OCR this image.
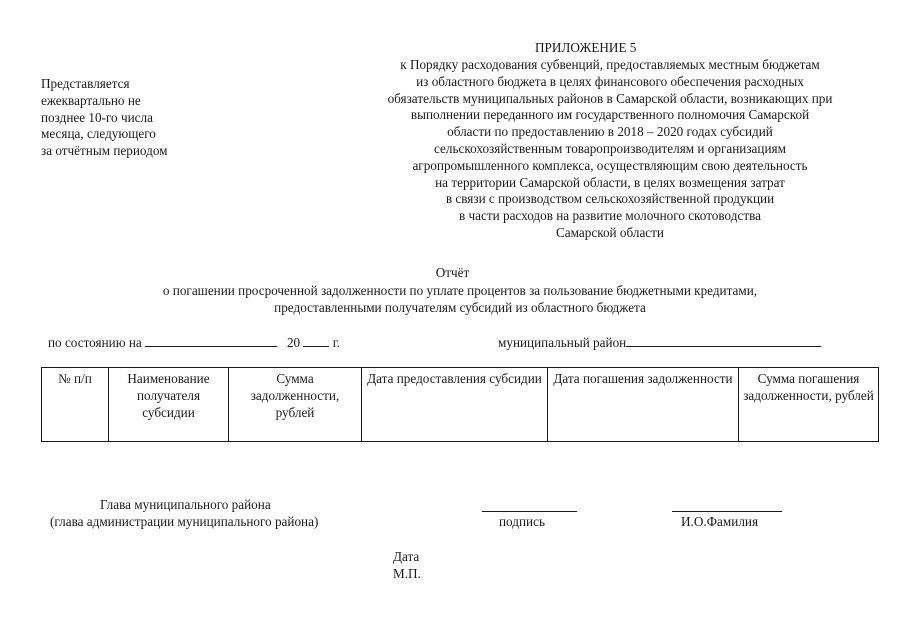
Представляется
ежеквартально не
позднее 10-го числа
месяца, следующего
за отчётным периодом
ПРИЛОЖЕНИЕ 5
к Порядку расходования субвенций, предоставляемых местным бюджетам
из областного бюджета в целях финансового обеспечения расходных
обязательств муниципальных районов в Самарской области, возникающих при
выполнении переданного им государственного полномочия Самарской
области по предоставлению в 2018 – 2020 годах субсидий
сельскохозяйственным товаропроизводителям и организациям
агропромышленного комплекса, осуществляющим свою деятельность
на территории Самарской области, в целях возмещения затрат
в связи с производством сельскохозяйственной продукции
в части расходов на развитие молочного скотоводства
Самарской области
Отчёт
о погашении просроченной задолженности по уплате процентов за пользование бюджетными кредитами,
предоставленными получателям субсидий из областного бюджета
по состоянию на	20 г.	муниципальный район
№ п/п	Наименование получателя субсидии	Сумма задолженности, рублей	Дата предоставления субсидии	Дата погашения задолженности	Сумма погашения задолженности, рублей
Глава муниципального района
(глава администрации муниципального района)	подпись	И.О.Фамилия
Дата
М.П.
